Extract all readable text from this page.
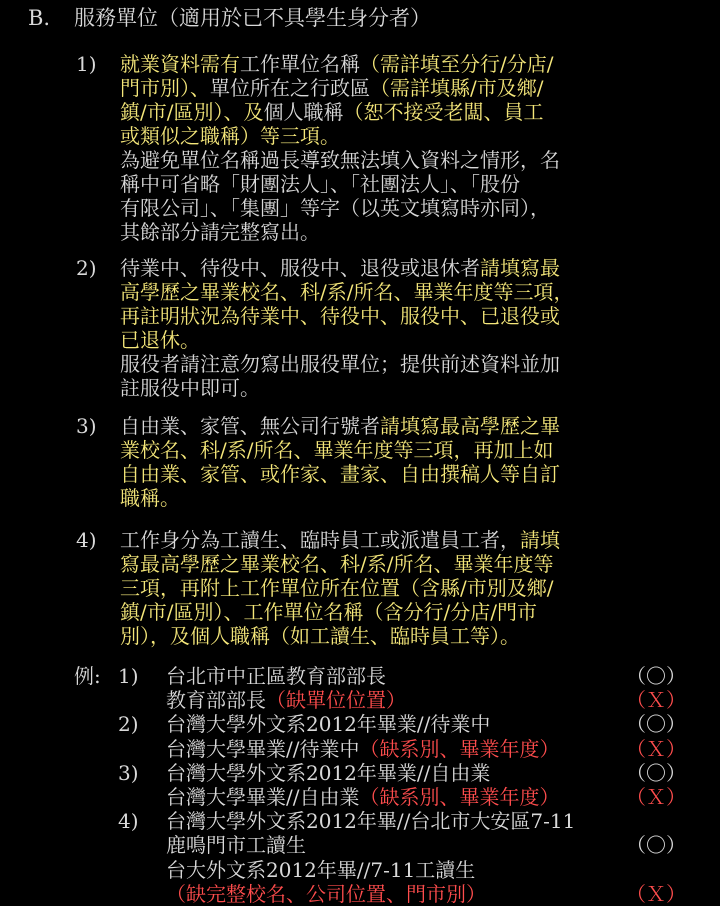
B. 服務單位（適用於已不具學生身分者）
1) 就業資料需有工作單位名稱（需詳填至分行/分店/
門市別）、單位所在之行政區（需詳填縣/市及鄉/
鎮/市/區別）、及個人職稱（恕不接受老闆、員工
或類似之職稱）等三項。
為避免單位名稱過長導致無法填入資料之情形，名
稱中可省略「財團法人」、「社團法人」、「股份
有限公司」、「集團」等字（以英文填寫時亦同），
其餘部分請完整寫出。
2) 待業中、待役中、服役中、退役或退休者請填寫最
高學歷之畢業校名、科/系/所名、畢業年度等三項，
再註明狀況為待業中、待役中、服役中、已退役或
已退休。
服役者請注意勿寫出服役單位；提供前述資料並加
註服役中即可。
3) 自由業、家管、無公司行號者請填寫最高學歷之畢
業校名、科/系/所名、畢業年度等三項，再加上如
自由業、家管、或作家、畫家、自由撰稿人等自訂
職稱。
4) 工作身分為工讀生、臨時員工或派遣員工者，請填
寫最高學歷之畢業校名、科/系/所名、畢業年度等
三項，再附上工作單位所在位置（含縣/市別及鄉/
鎮/市/區別）、工作單位名稱（含分行/分店/門市
別），及個人職稱（如工讀生、臨時員工等）。
例: 1) 台北市中正區教育部部長	（〇）
教育部部長（缺單位位置）	（Ｘ）
2) 台灣大學外文系2012年畢業//待業中	（〇）
台灣大學畢業//待業中（缺系別、畢業年度）	（Ｘ）
3) 台灣大學外文系2012年畢業//自由業	（〇）
台灣大學畢業//自由業（缺系別、畢業年度）	（Ｘ）
4) 台灣大學外文系2012年畢//台北市大安區7-11
鹿鳴門市工讀生	（〇）
台大外文系2012年畢//7-11工讀生
（缺完整校名、公司位置、門市別）	（Ｘ）
